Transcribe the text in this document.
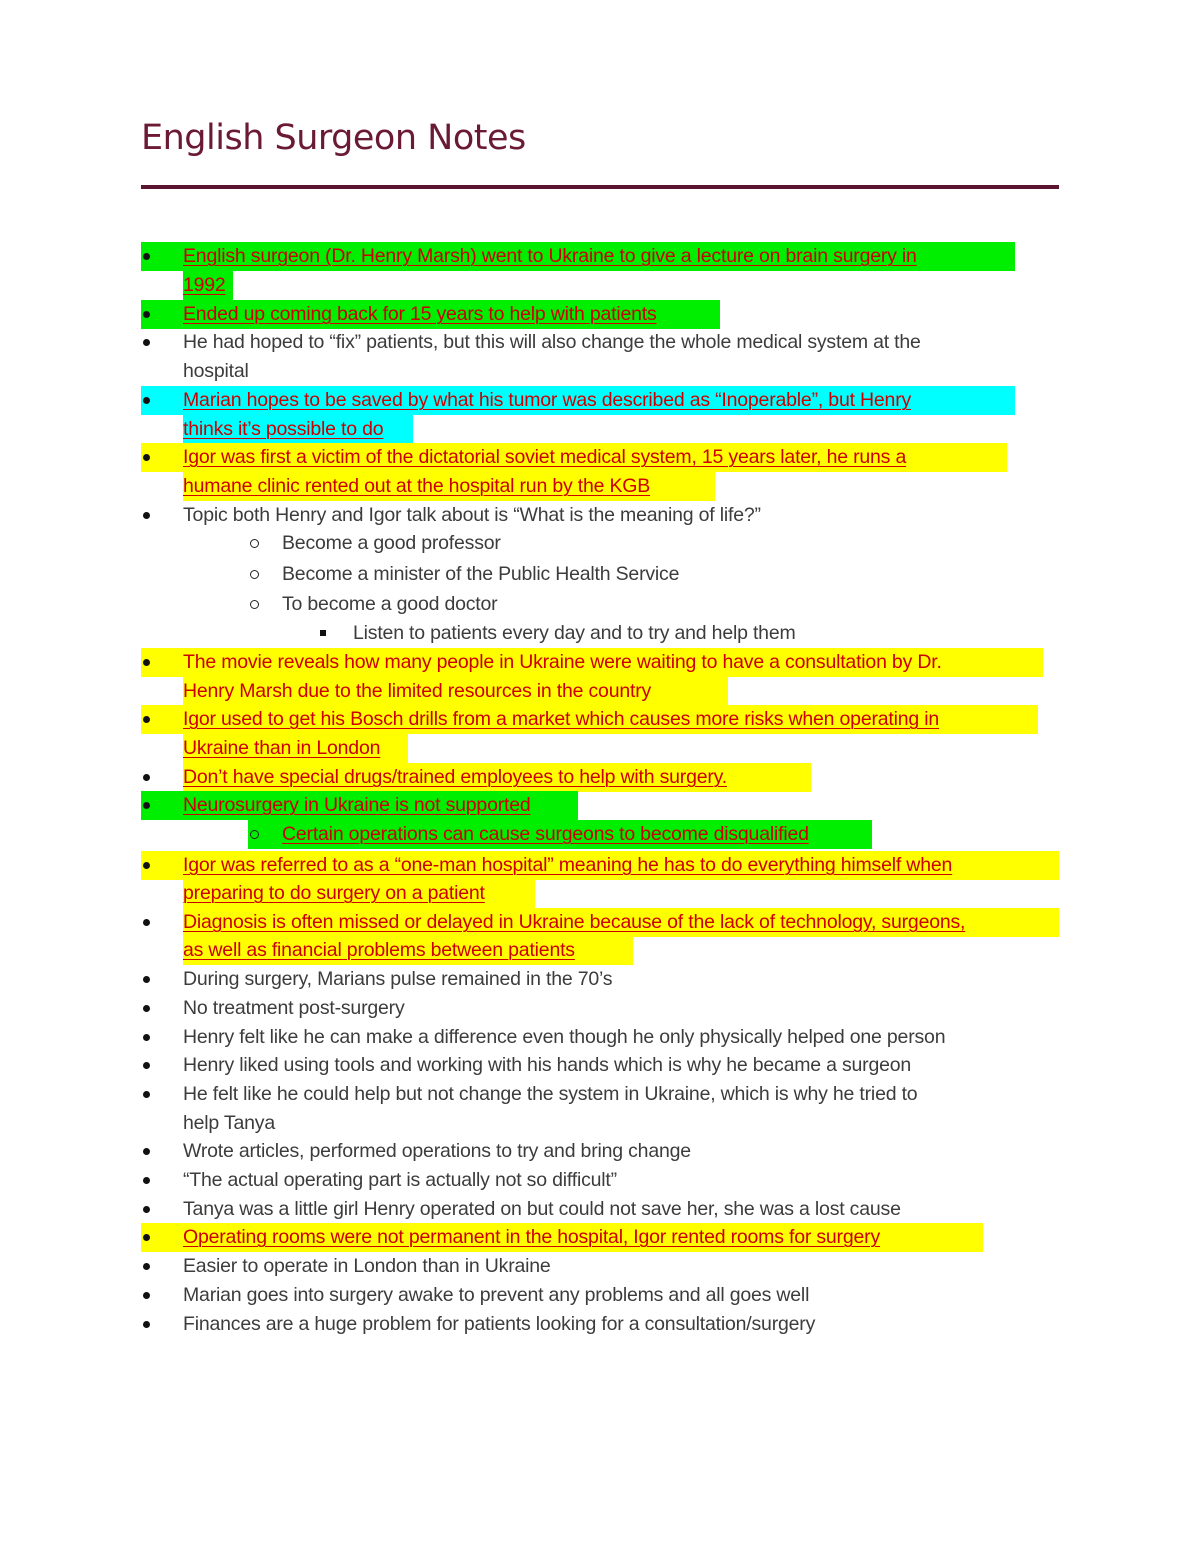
English Surgeon Notes
English surgeon (Dr. Henry Marsh) went to Ukraine to give a lecture on brain surgery in
1992
Ended up coming back for 15 years to help with patients
He had hoped to “fix” patients, but this will also change the whole medical system at the
hospital
Marian hopes to be saved by what his tumor was described as “Inoperable”, but Henry
thinks it’s possible to do
Igor was first a victim of the dictatorial soviet medical system, 15 years later, he runs a
humane clinic rented out at the hospital run by the KGB
Topic both Henry and Igor talk about is “What is the meaning of life?”
Become a good professor
Become a minister of the Public Health Service
To become a good doctor
Listen to patients every day and to try and help them
The movie reveals how many people in Ukraine were waiting to have a consultation by Dr.
Henry Marsh due to the limited resources in the country
Igor used to get his Bosch drills from a market which causes more risks when operating in
Ukraine than in London
Don’t have special drugs/trained employees to help with surgery.
Neurosurgery in Ukraine is not supported
Certain operations can cause surgeons to become disqualified
Igor was referred to as a “one-man hospital” meaning he has to do everything himself when
preparing to do surgery on a patient
Diagnosis is often missed or delayed in Ukraine because of the lack of technology, surgeons,
as well as financial problems between patients
During surgery, Marians pulse remained in the 70’s
No treatment post-surgery
Henry felt like he can make a difference even though he only physically helped one person
Henry liked using tools and working with his hands which is why he became a surgeon
He felt like he could help but not change the system in Ukraine, which is why he tried to
help Tanya
Wrote articles, performed operations to try and bring change
“The actual operating part is actually not so difficult”
Tanya was a little girl Henry operated on but could not save her, she was a lost cause
Operating rooms were not permanent in the hospital, Igor rented rooms for surgery
Easier to operate in London than in Ukraine
Marian goes into surgery awake to prevent any problems and all goes well
Finances are a huge problem for patients looking for a consultation/surgery
